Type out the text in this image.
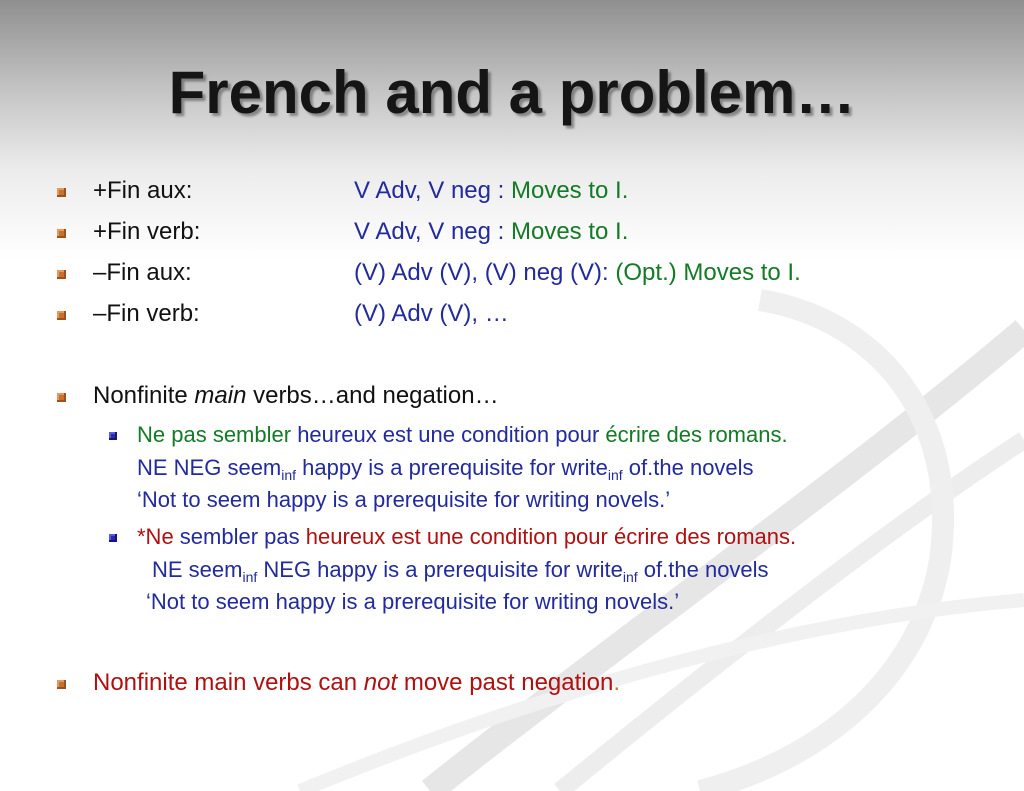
French and a problem…
+Fin aux:	V Adv, V neg : Moves to I.
+Fin verb:	V Adv, V neg : Moves to I.
–Fin aux:	(V) Adv (V), (V) neg (V): (Opt.) Moves to I.
–Fin verb:	(V) Adv (V), …
Nonfinite main verbs…and negation…
Ne pas sembler heureux est une condition pour écrire des romans.
NE NEG seem$_{inf}$ happy is a prerequisite for write$_{inf}$ of.the novels
‘Not to seem happy is a prerequisite for writing novels.’
*Ne sembler pas heureux est une condition pour écrire des romans.
NE seem$_{inf}$ NEG happy is a prerequisite for write$_{inf}$ of.the novels
‘Not to seem happy is a prerequisite for writing novels.’
Nonfinite main verbs can not move past negation.
